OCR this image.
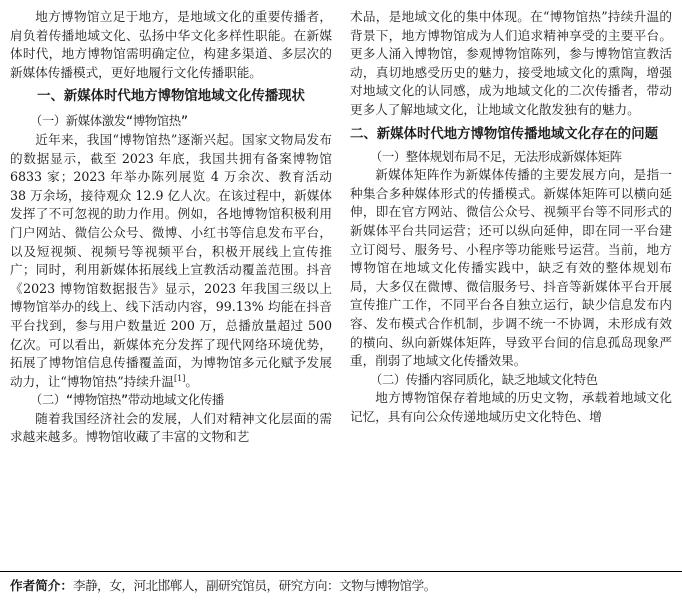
地方博物馆立足于地方，是地域文化的重要传播者，肩负着传播地域文化、弘扬中华文化多样性职能。在新媒体时代，地方博物馆需明确定位，构建多渠道、多层次的新媒体传播模式，更好地履行文化传播职能。

一、新媒体时代地方博物馆地域文化传播现状
（一）新媒体激发“博物馆热”

近年来，我国“博物馆热”逐渐兴起。国家文物局发布的数据显示，截至 2023 年底，我国共拥有备案博物馆 6833 家；2023 年举办陈列展览 4 万余次、教育活动 38 万余场，接待观众 12.9 亿人次。在该过程中，新媒体发挥了不可忽视的助力作用。例如，各地博物馆积极利用门户网站、微信公众号、微博、小红书等信息发布平台，以及短视频、视频号等视频平台，积极开展线上宣传推广；同时，利用新媒体拓展线上宣教活动覆盖范围。抖音《2023 博物馆数据报告》显示，2023 年我国三级以上博物馆举办的线上、线下活动内容，99.13% 均能在抖音平台找到，参与用户数量近 200 万，总播放量超过 500 亿次。可以看出，新媒体充分发挥了现代网络环境优势，拓展了博物馆信息传播覆盖面，为博物馆多元化赋予发展动力，让“博物馆热”持续升温[1]。

（二）“博物馆热”带动地域文化传播

随着我国经济社会的发展，人们对精神文化层面的需求越来越多。博物馆收藏了丰富的文物和艺

术品，是地域文化的集中体现。在“博物馆热”持续升温的背景下，地方博物馆成为人们追求精神享受的主要平台。更多人涌入博物馆，参观博物馆陈列，参与博物馆宣教活动，真切地感受历史的魅力，接受地域文化的熏陶，增强对地域文化的认同感，成为地域文化的二次传播者，带动更多人了解地域文化，让地域文化散发独有的魅力。

二、新媒体时代地方博物馆传播地域文化存在的问题
（一）整体规划布局不足，无法形成新媒体矩阵

新媒体矩阵作为新媒体传播的主要发展方向，是指一种集合多种媒体形式的传播模式。新媒体矩阵可以横向延伸，即在官方网站、微信公众号、视频平台等不同形式的新媒体平台共同运营；还可以纵向延伸，即在同一平台建立订阅号、服务号、小程序等功能账号运营。当前，地方博物馆在地域文化传播实践中，缺乏有效的整体规划布局，大多仅在微博、微信服务号、抖音等新媒体平台开展宣传推广工作，不同平台各自独立运行，缺少信息发布内容、发布模式合作机制，步调不统一不协调，未形成有效的横向、纵向新媒体矩阵，导致平台间的信息孤岛现象严重，削弱了地域文化传播效果。

（二）传播内容同质化，缺乏地域文化特色

地方博物馆保存着地域的历史文物，承载着地域文化记忆，具有向公众传递地域历史文化特色、增

作者简介：李静，女，河北邯郸人，副研究馆员，研究方向：文物与博物馆学。
